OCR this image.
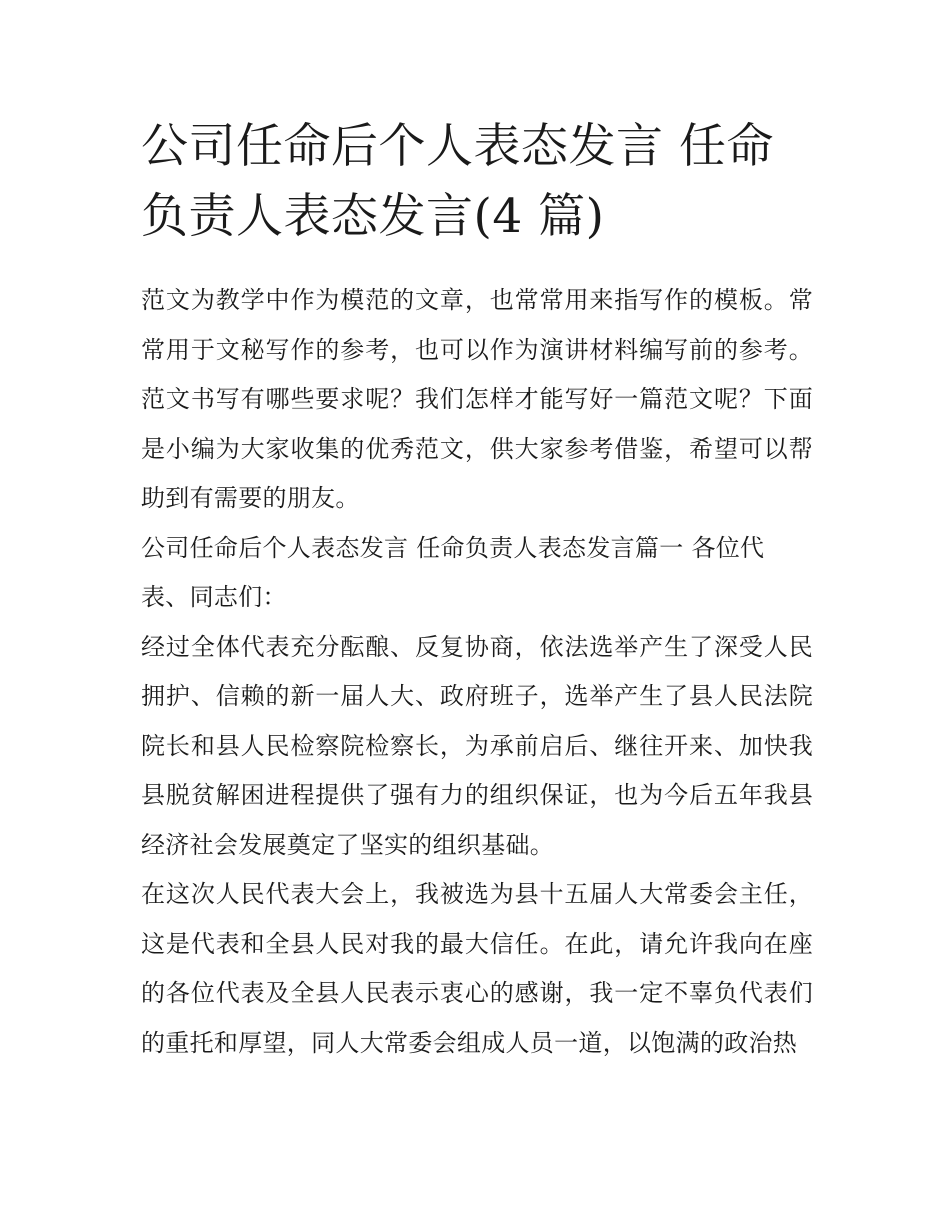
公司任命后个人表态发言 任命负责人表态发言(4 篇)

范文为教学中作为模范的文章，也常常用来指写作的模板。常常用于文秘写作的参考，也可以作为演讲材料编写前的参考。范文书写有哪些要求呢？我们怎样才能写好一篇范文呢？下面是小编为大家收集的优秀范文，供大家参考借鉴，希望可以帮助到有需要的朋友。

公司任命后个人表态发言 任命负责人表态发言篇一 各位代

表、同志们：

经过全体代表充分酝酿、反复协商，依法选举产生了深受人民拥护、信赖的新一届人大、政府班子，选举产生了县人民法院院长和县人民检察院检察长，为承前启后、继往开来、加快我县脱贫解困进程提供了强有力的组织保证，也为今后五年我县经济社会发展奠定了坚实的组织基础。

在这次人民代表大会上，我被选为县十五届人大常委会主任，这是代表和全县人民对我的最大信任。在此，请允许我向在座的各位代表及全县人民表示衷心的感谢，我一定不辜负代表们的重托和厚望，同人大常委会组成人员一道，以饱满的政治热
